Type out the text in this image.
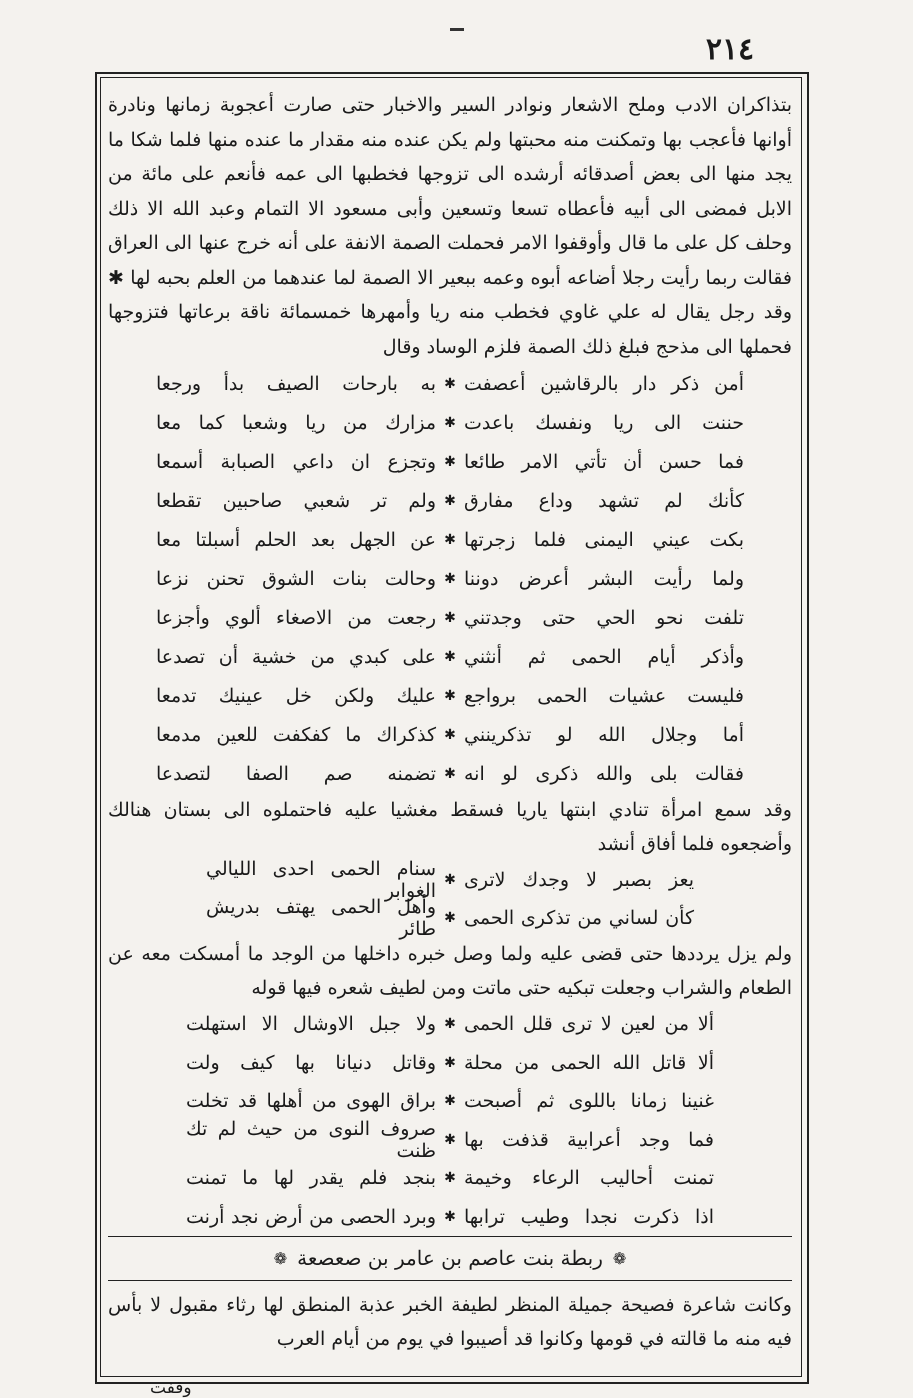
٢١٤

بتذاكران الادب وملح الاشعار ونوادر السير والاخبار حتى صارت أعجوبة زمانها ونادرة أوانها فأعجب بها وتمكنت منه محبتها ولم يكن عنده منه مقدار ما عنده منها فلما شكا ما يجد منها الى بعض أصدقائه أرشده الى تزوجها فخطبها الى عمه فأنعم على مائة من الابل فمضى الى أبيه فأعطاه تسعا وتسعين وأبى مسعود الا التمام وعبد الله الا ذلك وحلف كل على ما قال وأوقفوا الامر فحملت الصمة الانفة على أنه خرج عنها الى العراق فقالت ربما رأيت رجلا أضاعه أبوه وعمه ببعير الا الصمة لما عندهما من العلم بحبه لها ✱ وقد رجل يقال له علي غاوي فخطب منه ريا وأمهرها خمسمائة ناقة برعاتها فتزوجها فحملها الى مذحج فبلغ ذلك الصمة فلزم الوساد وقال

أمن ذكر دار بالرقاشين أعصفت
✱
به بارحات الصيف بدأ ورجعا
حننت الى ريا ونفسك باعدت
✱
مزارك من ريا وشعبا كما معا
فما حسن أن تأتي الامر طائعا
✱
وتجزع ان داعي الصبابة أسمعا
كأنك لم تشهد وداع مفارق
✱
ولم تر شعبي صاحبين تقطعا
بكت عيني اليمنى فلما زجرتها
✱
عن الجهل بعد الحلم أسبلتا معا
ولما رأيت البشر أعرض دوننا
✱
وحالت بنات الشوق تحنن نزعا
تلفت نحو الحي حتى وجدتني
✱
رجعت من الاصغاء ألوي وأجزعا
وأذكر أيام الحمى ثم أنثني
✱
على كبدي من خشية أن تصدعا
فليست عشيات الحمى برواجع
✱
عليك ولكن خل عينيك تدمعا
أما وجلال الله لو تذكرينني
✱
كذكراك ما كفكفت للعين مدمعا
فقالت بلى والله ذكرى لو انه
✱
تضمنه صم الصفا لتصدعا

وقد سمع امرأة تنادي ابنتها ياريا فسقط مغشيا عليه فاحتملوه الى بستان هنالك وأضجعوه فلما أفاق أنشد

يعز بصبر لا وجدك لاترى
✱
سنام الحمى احدى الليالي الغوابر
كأن لساني من تذكرى الحمى
✱
وأهل الحمى يهتف بدريش طائر

ولم يزل يرددها حتى قضى عليه ولما وصل خبره داخلها من الوجد ما أمسكت معه عن الطعام والشراب وجعلت تبكيه حتى ماتت ومن لطيف شعره فيها قوله

ألا من لعين لا ترى قلل الحمى
✱
ولا جبل الاوشال الا استهلت
ألا قاتل الله الحمى من محلة
✱
وقاتل دنيانا بها كيف ولت
غنينا زمانا باللوى ثم أصبحت
✱
براق الهوى من أهلها قد تخلت
فما وجد أعرابية قذفت بها
✱
صروف النوى من حيث لم تك ظنت
تمنت أحاليب الرعاء وخيمة
✱
بنجد فلم يقدر لها ما تمنت
اذا ذكرت نجدا وطيب ترابها
✱
وبرد الحصى من أرض نجد أرنت
❁
ربطة بنت عاصم بن عامر بن صعصعة
❁

وكانت شاعرة فصيحة جميلة المنظر لطيفة الخبر عذبة المنطق لها رثاء مقبول لا بأس فيه منه ما قالته في قومها وكانوا قد أصيبوا في يوم من أيام العرب

وقفت
